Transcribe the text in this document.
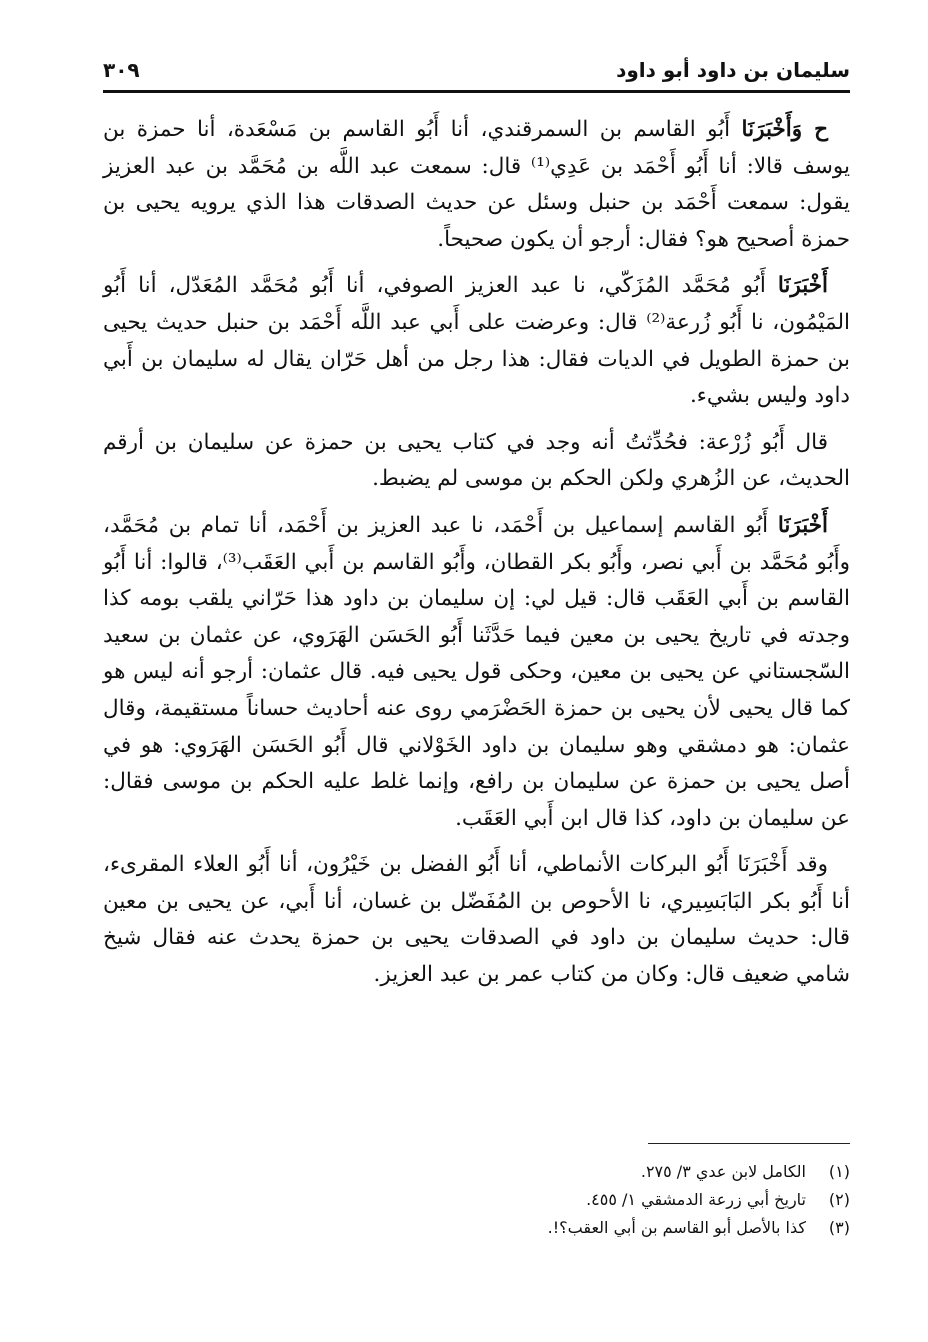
سليمان بن داود أبو داود
٣٠٩

ح وَأَخْبَرَنَا أَبُو القاسم بن السمرقندي، أنا أَبُو القاسم بن مَسْعَدة، أنا حمزة بن يوسف قالا: أنا أَبُو أَحْمَد بن عَدِي⁽¹⁾ قال: سمعت عبد اللَّه بن مُحَمَّد بن عبد العزيز يقول: سمعت أَحْمَد بن حنبل وسئل عن حديث الصدقات هذا الذي يرويه يحيى بن حمزة أصحيح هو؟ فقال: أرجو أن يكون صحيحاً.

أَخْبَرَنَا أَبُو مُحَمَّد المُزَكّي، نا عبد العزيز الصوفي، أنا أَبُو مُحَمَّد المُعَدّل، أنا أَبُو المَيْمُون، نا أَبُو زُرعة⁽²⁾ قال: وعرضت على أَبي عبد اللَّه أَحْمَد بن حنبل حديث يحيى بن حمزة الطويل في الديات فقال: هذا رجل من أهل حَرّان يقال له سليمان بن أَبي داود وليس بشيء.

قال أَبُو زُرْعة: فحُدِّثتُ أنه وجد في كتاب يحيى بن حمزة عن سليمان بن أرقم الحديث، عن الزُهري ولكن الحكم بن موسى لم يضبط.

أَخْبَرَنَا أَبُو القاسم إسماعيل بن أَحْمَد، نا عبد العزيز بن أَحْمَد، أنا تمام بن مُحَمَّد، وأَبُو مُحَمَّد بن أَبي نصر، وأَبُو بكر القطان، وأَبُو القاسم بن أَبي العَقَب⁽³⁾، قالوا: أنا أَبُو القاسم بن أَبي العَقَب قال: قيل لي: إن سليمان بن داود هذا حَرّاني يلقب بومه كذا وجدته في تاريخ يحيى بن معين فيما حَدَّثَنا أَبُو الحَسَن الهَرَوي، عن عثمان بن سعيد السّجستاني عن يحيى بن معين، وحكى قول يحيى فيه. قال عثمان: أرجو أنه ليس هو كما قال يحيى لأن يحيى بن حمزة الحَضْرَمي روى عنه أحاديث حساناً مستقيمة، وقال عثمان: هو دمشقي وهو سليمان بن داود الخَوْلاني قال أَبُو الحَسَن الهَرَوي: هو في أصل يحيى بن حمزة عن سليمان بن رافع، وإنما غلط عليه الحكم بن موسى فقال: عن سليمان بن داود، كذا قال ابن أَبي العَقَب.

وقد أَخْبَرَنَا أَبُو البركات الأنماطي، أنا أَبُو الفضل بن خَيْرُون، أنا أَبُو العلاء المقرىء، أنا أَبُو بكر البَابَسِيري، نا الأحوص بن المُفَضّل بن غسان، أنا أَبي، عن يحيى بن معين قال: حديث سليمان بن داود في الصدقات يحيى بن حمزة يحدث عنه فقال شيخ شامي ضعيف قال: وكان من كتاب عمر بن عبد العزيز.

(١)
الكامل لابن عدي ٣/ ٢٧٥.
(٢)
تاريخ أبي زرعة الدمشقي ١/ ٤٥٥.
(٣)
كذا بالأصل أبو القاسم بن أبي العقب؟!.
